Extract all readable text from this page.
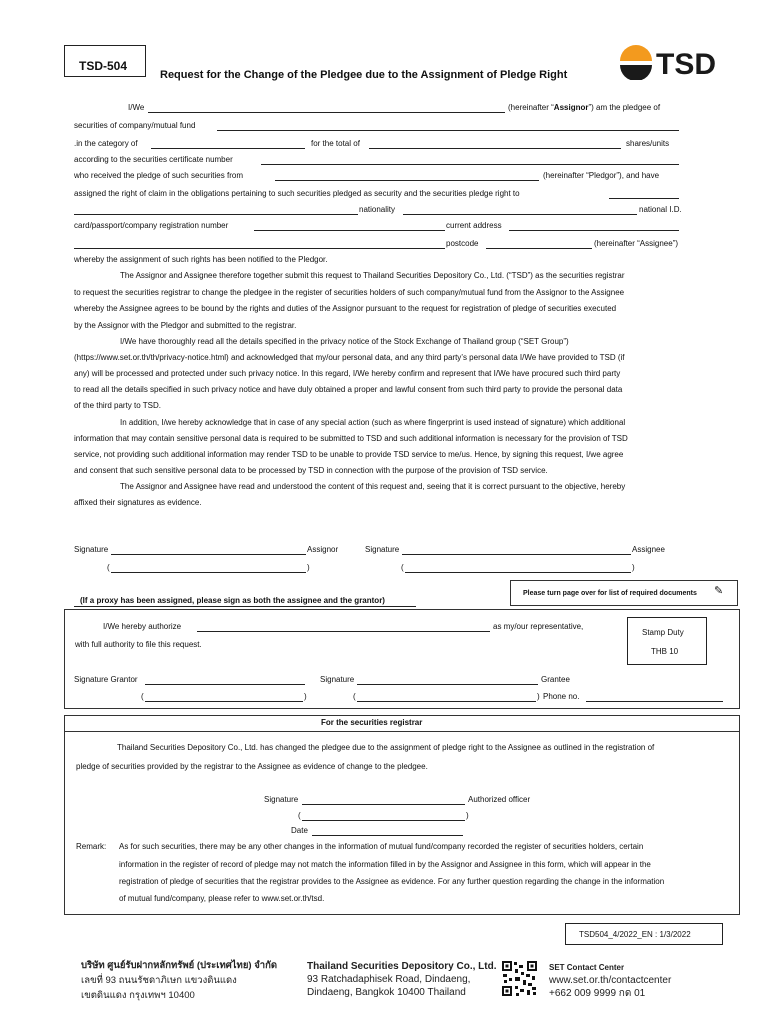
TSD-504
Request for the Change of the Pledgee due to the Assignment of Pledge Right	TSD
I/We	(hereinafter “Assignor”) am the pledgee of
securities of company/mutual fund
.in the category of	for the total of	shares/units
according to the securities certificate number
who received the pledge of such securities from	(hereinafter “Pledgor”), and have
assigned the right of claim in the obligations pertaining to such securities pledged as security and the securities pledge right to
nationality	national I.D.
card/passport/company registration number	current address
postcode	(hereinafter “Assignee”)
whereby the assignment of such rights has been notified to the Pledgor.
The Assignor and Assignee therefore together submit this request to Thailand Securities Depository Co., Ltd. (“TSD”) as the securities registrar
to request the securities registrar to change the pledgee in the register of securities holders of such company/mutual fund from the Assignor to the Assignee
whereby the Assignee agrees to be bound by the rights and duties of the Assignor pursuant to the request for registration of pledge of securities executed
by the Assignor with the Pledgor and submitted to the registrar.
I/We have thoroughly read all the details specified in the privacy notice of the Stock Exchange of Thailand group (“SET Group”)
(https://www.set.or.th/th/privacy-notice.html) and acknowledged that my/our personal data, and any third party’s personal data I/We have provided to TSD (if
any) will be processed and protected under such privacy notice. In this regard, I/We hereby confirm and represent that I/We have procured such third party
to read all the details specified in such privacy notice and have duly obtained a proper and lawful consent from such third party to provide the personal data
of the third party to TSD.
In addition, I/we hereby acknowledge that in case of any special action (such as where fingerprint is used instead of signature) which additional
information that may contain sensitive personal data is required to be submitted to TSD and such additional information is necessary for the provision of TSD
service, not providing such additional information may render TSD to be unable to provide TSD service to me/us. Hence, by signing this request, I/we agree
and consent that such sensitive personal data to be processed by TSD in connection with the purpose of the provision of TSD service.
The Assignor and Assignee have read and understood the content of this request and, seeing that it is correct pursuant to the objective, hereby
affixed their signatures as evidence.
Signature	Assignor	Signature	Assignee
(	)	(	)
Please turn page over for list of required documents ✎
(If a proxy has been assigned, please sign as both the assignee and the grantor)
I/We hereby authorize	as my/our representative,
with full authority to file this request.
Stamp Duty
THB 10
Signature Grantor	Signature	Grantee
(	)	(	) Phone no.
For the securities registrar
Thailand Securities Depository Co., Ltd. has changed the pledgee due to the assignment of pledge right to the Assignee as outlined in the registration of
pledge of securities provided by the registrar to the Assignee as evidence of change to the pledgee.
Signature	Authorized officer
(	)
Date
Remark: As for such securities, there may be any other changes in the information of mutual fund/company recorded the register of securities holders, certain
information in the register of record of pledge may not match the information filled in by the Assignor and Assignee in this form, which will appear in the
registration of pledge of securities that the registrar provides to the Assignee as evidence. For any further question regarding the change in the information
of mutual fund/company, please refer to www.set.or.th/tsd.
TSD504_4/2022_EN : 1/3/2022
บริษัท ศูนย์รับฝากหลักทรัพย์ (ประเทศไทย) จำกัด
เลขที่ 93 ถนนรัชดาภิเษก แขวงดินแดง
เขตดินแดง กรุงเทพฯ 10400
Thailand Securities Depository Co., Ltd.
93 Ratchadaphisek Road, Dindaeng,
Dindaeng, Bangkok 10400 Thailand
SET Contact Center
www.set.or.th/contactcenter
+662 009 9999 กด 01
